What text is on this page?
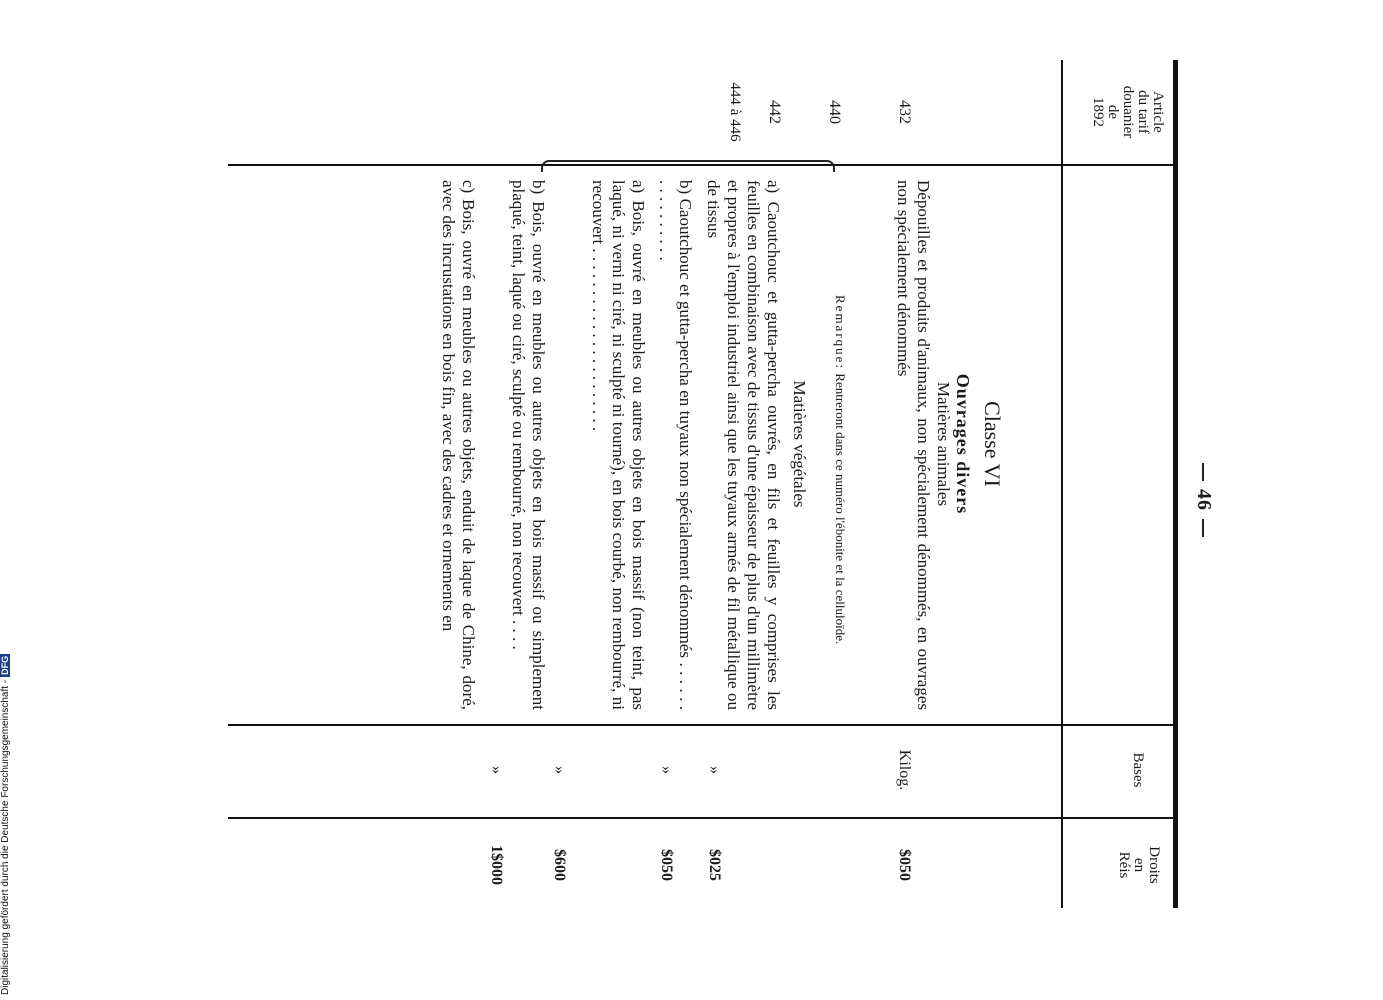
46
Article
du tarif
douanier
de
1892
Bases
Droits
en
Réis
Classe VI
Ouvrages divers
Matières animales
Matières végétales
432
Dépouilles et produits d'animaux, non spécialement dénommés, en ouvrages non spécialement dénommés
Kilog.
$050
440
Remarque: Rentreront dans ce numéro l'ébonite et la celluloïde.
442
a) Caoutchouc et gutta-percha ouvrés, en fils et feuilles y comprises les feuilles en combinaison avec de tissus d'une épaisseur de plus d'un millimètre et propres à l'emploi industriel ainsi que les tuyaux armés de fil métallique ou de tissus
»
$025
b) Caoutchouc et gutta-percha en tuyaux non spécialement dénommés . . . . . . . . . . . . . . . .
»
$050
444 à 446
a) Bois, ouvré en meubles ou autres objets en bois massif (non teint, pas laqué, ni verni ni ciré, ni sculpté ni tourné), en bois courbé, non rembourré, ni recouvert . . . . . . . . . . . . . . . . . . . . . .
»
$600
b) Bois, ouvré en meubles ou autres objets en bois massif ou simplement plaqué, teint, laqué ou ciré, sculpté ou rembourré, non recouvert . . . .
»
1$000
c) Bois, ouvré en meubles ou autres objets, enduit de laque de Chine, doré, avec des incrustations en bois fin, avec des cadres et ornements en
Digitalisierung gefördert durch die Deutsche Forschungsgemeinschaft -DFG
